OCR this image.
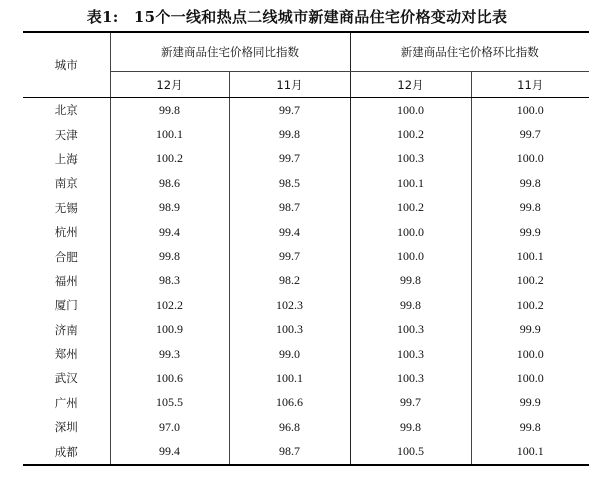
表1:　15个一线和热点二线城市新建商品住宅价格变动对比表
城市	新建商品住宅价格同比指数		新建商品住宅价格环比指数	
	12月	11月	12月	11月
北京	99.8	99.7	100.0	100.0
天津	100.1	99.8	100.2	99.7
上海	100.2	99.7	100.3	100.0
南京	98.6	98.5	100.1	99.8
无锡	98.9	98.7	100.2	99.8
杭州	99.4	99.4	100.0	99.9
合肥	99.8	99.7	100.0	100.1
福州	98.3	98.2	99.8	100.2
厦门	102.2	102.3	99.8	100.2
济南	100.9	100.3	100.3	99.9
郑州	99.3	99.0	100.3	100.0
武汉	100.6	100.1	100.3	100.0
广州	105.5	106.6	99.7	99.9
深圳	97.0	96.8	99.8	99.8
成都	99.4	98.7	100.5	100.1
